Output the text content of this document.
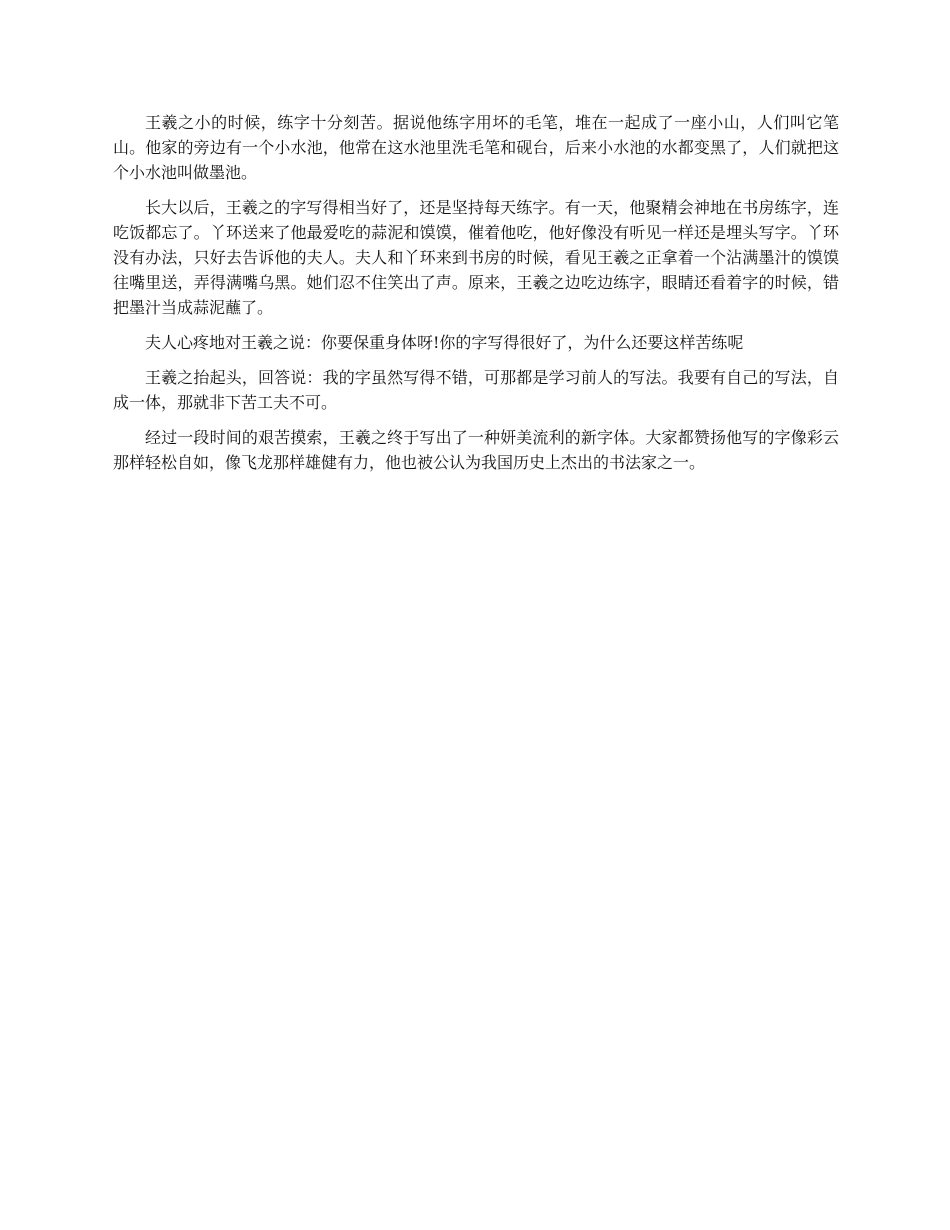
王羲之小的时候，练字十分刻苦。据说他练字用坏的毛笔，堆在一起成了一座小山，人们叫它笔山。他家的旁边有一个小水池，他常在这水池里洗毛笔和砚台，后来小水池的水都变黑了，人们就把这个小水池叫做墨池。

长大以后，王羲之的字写得相当好了，还是坚持每天练字。有一天，他聚精会神地在书房练字，连吃饭都忘了。丫环送来了他最爱吃的蒜泥和馍馍，催着他吃，他好像没有听见一样还是埋头写字。丫环没有办法，只好去告诉他的夫人。夫人和丫环来到书房的时候，看见王羲之正拿着一个沾满墨汁的馍馍往嘴里送，弄得满嘴乌黑。她们忍不住笑出了声。原来，王羲之边吃边练字，眼睛还看着字的时候，错把墨汁当成蒜泥蘸了。

夫人心疼地对王羲之说：你要保重身体呀!你的字写得很好了，为什么还要这样苦练呢

王羲之抬起头，回答说：我的字虽然写得不错，可那都是学习前人的写法。我要有自己的写法，自成一体，那就非下苦工夫不可。

经过一段时间的艰苦摸索，王羲之终于写出了一种妍美流利的新字体。大家都赞扬他写的字像彩云那样轻松自如，像飞龙那样雄健有力，他也被公认为我国历史上杰出的书法家之一。
